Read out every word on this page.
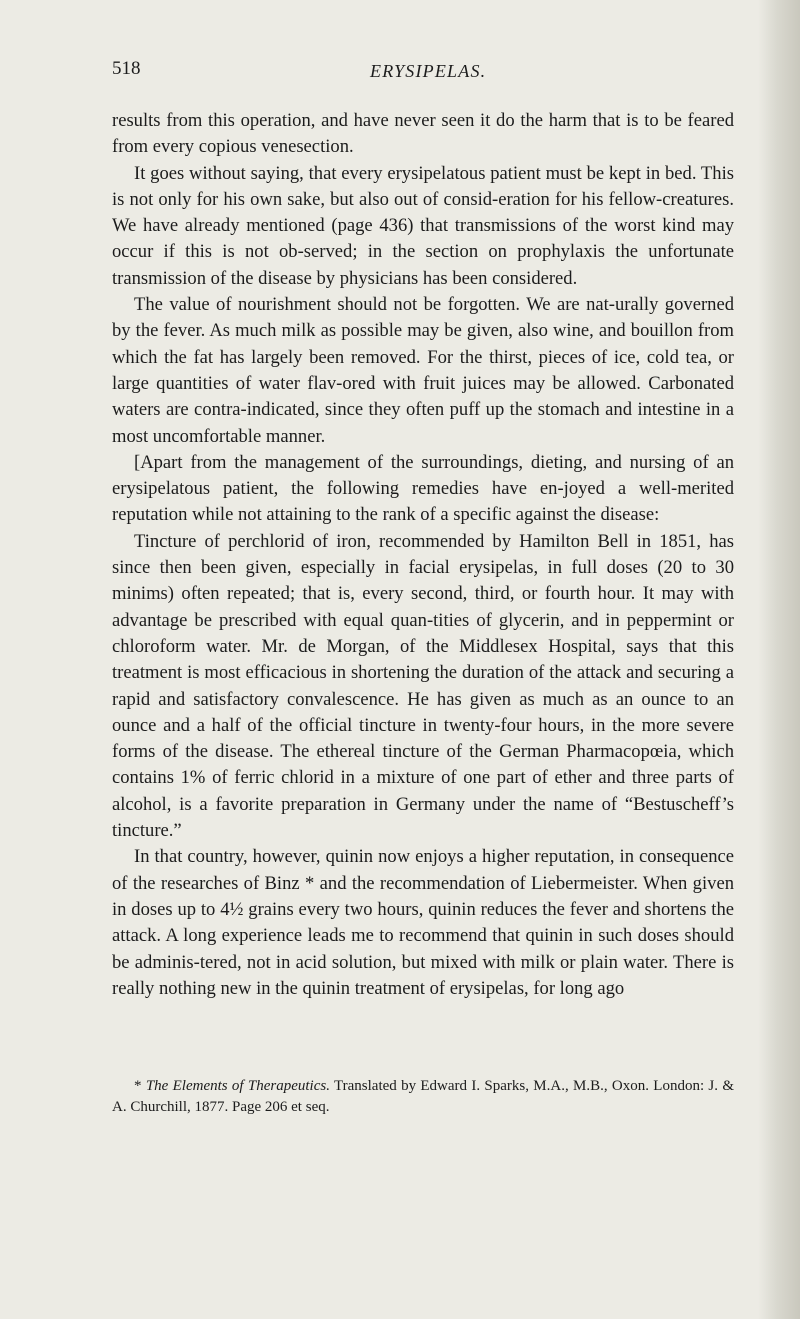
518	ERYSIPELAS.

results from this operation, and have never seen it do the harm that is to be feared from every copious venesection.

It goes without saying, that every erysipelatous patient must be kept in bed. This is not only for his own sake, but also out of consid-eration for his fellow-creatures. We have already mentioned (page 436) that transmissions of the worst kind may occur if this is not ob-served; in the section on prophylaxis the unfortunate transmission of the disease by physicians has been considered.

The value of nourishment should not be forgotten. We are nat-urally governed by the fever. As much milk as possible may be given, also wine, and bouillon from which the fat has largely been removed. For the thirst, pieces of ice, cold tea, or large quantities of water flav-ored with fruit juices may be allowed. Carbonated waters are contra-indicated, since they often puff up the stomach and intestine in a most uncomfortable manner.

[Apart from the management of the surroundings, dieting, and nursing of an erysipelatous patient, the following remedies have en-joyed a well-merited reputation while not attaining to the rank of a specific against the disease:

Tincture of perchlorid of iron, recommended by Hamilton Bell in 1851, has since then been given, especially in facial erysipelas, in full doses (20 to 30 minims) often repeated; that is, every second, third, or fourth hour. It may with advantage be prescribed with equal quan-tities of glycerin, and in peppermint or chloroform water. Mr. de Morgan, of the Middlesex Hospital, says that this treatment is most efficacious in shortening the duration of the attack and securing a rapid and satisfactory convalescence. He has given as much as an ounce to an ounce and a half of the official tincture in twenty-four hours, in the more severe forms of the disease. The ethereal tincture of the German Pharmacopœia, which contains 1% of ferric chlorid in a mixture of one part of ether and three parts of alcohol, is a favorite preparation in Germany under the name of “Bestuscheff’s tincture.”

In that country, however, quinin now enjoys a higher reputation, in consequence of the researches of Binz * and the recommendation of Liebermeister. When given in doses up to 4½ grains every two hours, quinin reduces the fever and shortens the attack. A long experience leads me to recommend that quinin in such doses should be adminis-tered, not in acid solution, but mixed with milk or plain water. There is really nothing new in the quinin treatment of erysipelas, for long ago

* The Elements of Therapeutics. Translated by Edward I. Sparks, M.A., M.B., Oxon. London: J. & A. Churchill, 1877. Page 206 et seq.
